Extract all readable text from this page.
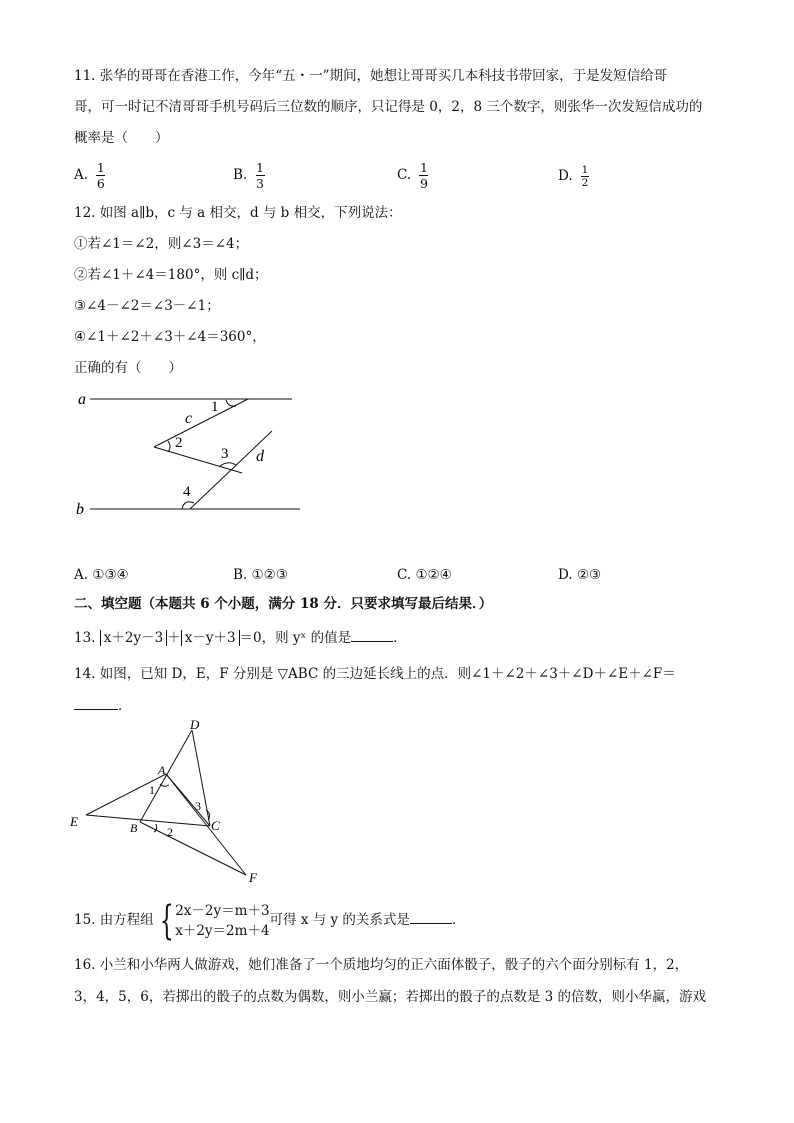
11. 张华的哥哥在香港工作，今年“五・一”期间，她想让哥哥买几本科技书带回家，于是发短信给哥
哥，可一时记不清哥哥手机号码后三位数的顺序，只记得是 0，2，8 三个数字，则张华一次发短信成功的
概率是（　　）
A. $\frac{1}{6}$	B. $\frac{1}{3}$	C. $\frac{1}{9}$	D. $\frac{1}{2}$
12. 如图 a∥b，c 与 a 相交，d 与 b 相交，下列说法：
①若∠1＝∠2，则∠3＝∠4；
②若∠1＋∠4＝180°，则 c∥d；
③∠4－∠2＝∠3－∠1；
④∠1＋∠2＋∠3＋∠4＝360°，
正确的有（　　）
a
b
c
d
1
2
3
4
A. ①③④	B. ①②③	C. ①②④	D. ②③
二、填空题（本题共 6 个小题，满分 18 分．只要求填写最后结果．）
13. x＋2y－3 ＋ x－y＋3 ＝0，则 yˣ 的值是	．
14. 如图，已知 D，E，F 分别是 ▽ABC 的三边延长线上的点．则∠1＋∠2＋∠3＋∠D＋∠E＋∠F＝
．
D
A
E	B	C
F
1
2
3
15. 由方程组 { 2x－2y＝m＋3
x＋2y＝2m＋4
可得 x 与 y 的关系式是	．
16. 小兰和小华两人做游戏，她们准备了一个质地均匀的正六面体骰子，骰子的六个面分别标有 1，2，
3，4，5，6，若掷出的骰子的点数为偶数，则小兰赢；若掷出的骰子的点数是 3 的倍数，则小华赢，游戏
